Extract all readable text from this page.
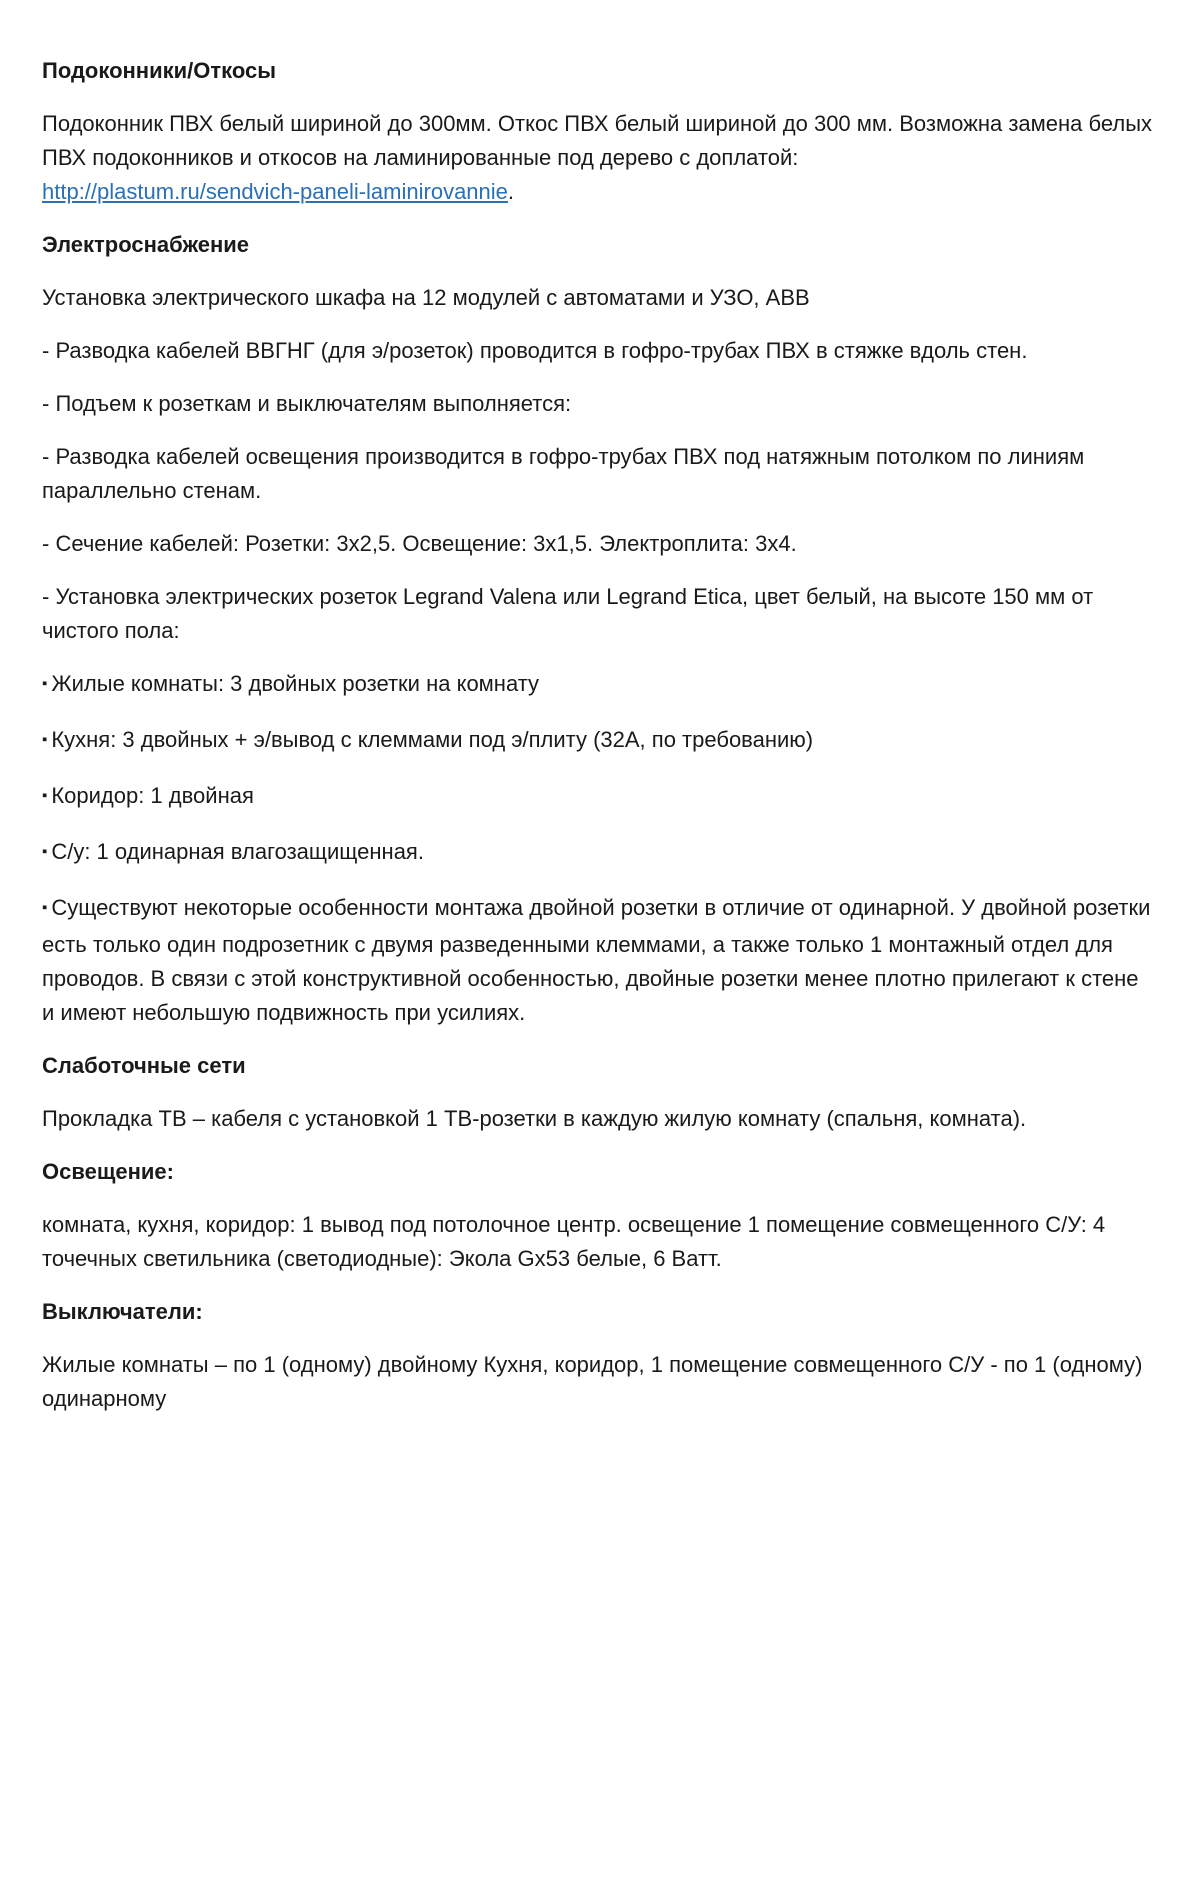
Подоконники/Откосы
Подоконник ПВХ белый шириной до 300мм. Откос ПВХ белый шириной до 300 мм. Возможна замена белых ПВХ подоконников и откосов на ламинированные под дерево с доплатой:
http://plastum.ru/sendvich-paneli-laminirovannie.
Электроснабжение
Установка электрического шкафа на 12 модулей с автоматами и УЗО, ABB
- Разводка кабелей ВВГНГ (для э/розеток) проводится в гофро-трубах ПВХ в стяжке вдоль стен.
- Подъем к розеткам и выключателям выполняется:
- Разводка кабелей освещения производится в гофро-трубах ПВХ под натяжным потолком по линиям параллельно стенам.
- Сечение кабелей: Розетки: 3x2,5. Освещение: 3x1,5. Электроплита: 3x4.
- Установка электрических розеток Legrand Valena или Legrand Etica, цвет белый, на высоте 150 мм от чистого пола:
▪ Жилые комнаты: 3 двойных розетки на комнату
▪ Кухня: 3 двойных + э/вывод с клеммами под э/плиту (32А, по требованию)
▪ Коридор: 1 двойная
▪ С/у: 1 одинарная влагозащищенная.
▪ Существуют некоторые особенности монтажа двойной розетки в отличие от одинарной. У двойной розетки есть только один подрозетник с двумя разведенными клеммами, а также только 1 монтажный отдел для проводов. В связи с этой конструктивной особенностью, двойные розетки менее плотно прилегают к стене и имеют небольшую подвижность при усилиях.
Слаботочные сети
Прокладка ТВ – кабеля с установкой 1 ТВ-розетки в каждую жилую комнату (спальня, комната).
Освещение:
комната, кухня, коридор: 1 вывод под потолочное центр. освещение 1 помещение совмещенного С/У: 4 точечных светильника (светодиодные): Экола Gx53 белые, 6 Ватт.
Выключатели:
Жилые комнаты – по 1 (одному) двойному Кухня, коридор, 1 помещение совмещенного С/У - по 1 (одному) одинарному
